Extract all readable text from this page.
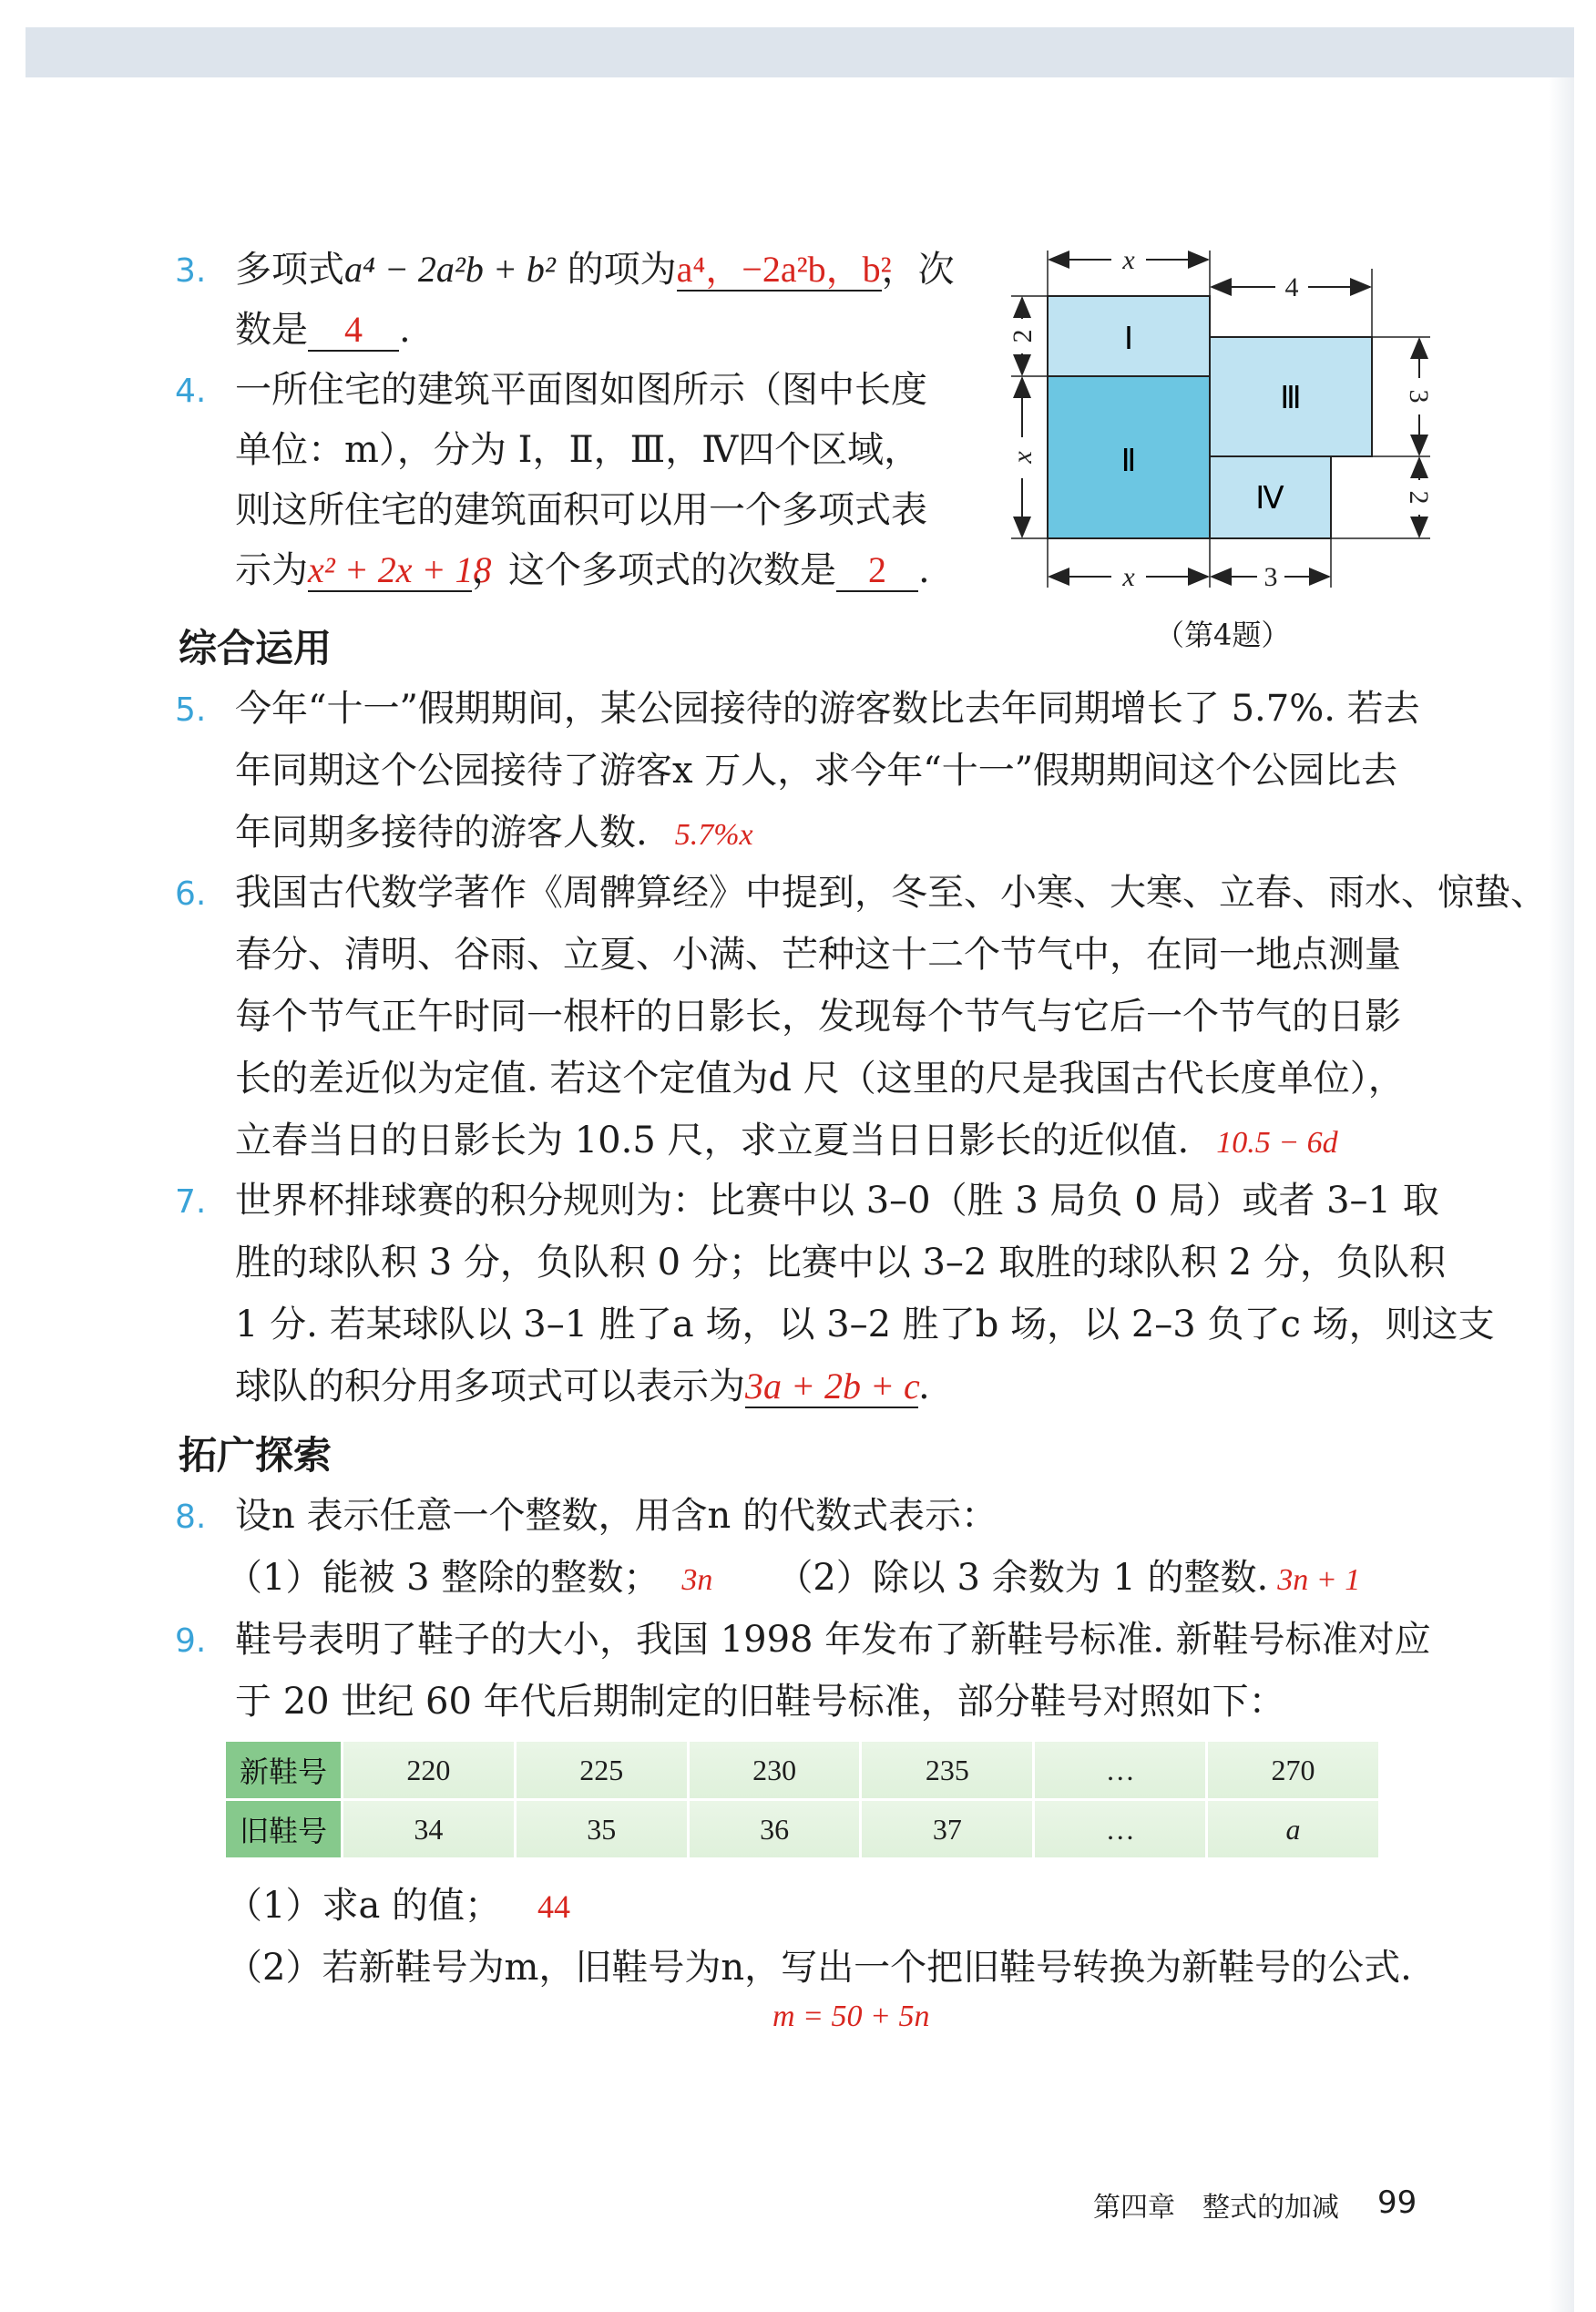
3. 多项式a⁴ − 2a²b + b² 的项为a⁴，−2a²b，b²，次
数是 4 .
4. 一所住宅的建筑平面图如图所示（图中长度
单位：m），分为 Ⅰ，Ⅱ，Ⅲ，Ⅳ四个区域，
则这所住宅的建筑面积可以用一个多项式表
示为x² + 2x + 18，这个多项式的次数是 2 .
Ⅰ
Ⅱ
Ⅲ
Ⅳ
x
4
2
x
3
2
x	3
（第4题）
综合运用
5. 今年“十一”假期期间，某公园接待的游客数比去年同期增长了 5.7%. 若去
年同期这个公园接待了游客x 万人，求今年“十一”假期期间这个公园比去
年同期多接待的游客人数. 5.7%x
6. 我国古代数学著作《周髀算经》中提到，冬至、小寒、大寒、立春、雨水、惊蛰、
春分、清明、谷雨、立夏、小满、芒种这十二个节气中，在同一地点测量
每个节气正午时同一根杆的日影长，发现每个节气与它后一个节气的日影
长的差近似为定值. 若这个定值为d 尺（这里的尺是我国古代长度单位），
立春当日的日影长为 10.5 尺，求立夏当日日影长的近似值. 10.5 − 6d
7. 世界杯排球赛的积分规则为：比赛中以 3–0（胜 3 局负 0 局）或者 3–1 取
胜的球队积 3 分，负队积 0 分；比赛中以 3–2 取胜的球队积 2 分，负队积
1 分. 若某球队以 3–1 胜了a 场，以 3–2 胜了b 场，以 2–3 负了c 场，则这支
球队的积分用多项式可以表示为3a + 2b + c.
拓广探索
8. 设n 表示任意一个整数，用含n 的代数式表示：
（1）能被 3 整除的整数； 3n （2）除以 3 余数为 1 的整数. 3n + 1
9. 鞋号表明了鞋子的大小，我国 1998 年发布了新鞋号标准. 新鞋号标准对应
于 20 世纪 60 年代后期制定的旧鞋号标准，部分鞋号对照如下：
新鞋号	220	225	230	235	…	270
旧鞋号	34	35	36	37	…	a
（1）求a 的值； 44
（2）若新鞋号为m，旧鞋号为n，写出一个把旧鞋号转换为新鞋号的公式.
m = 50 + 5n
第四章　整式的加减 99
